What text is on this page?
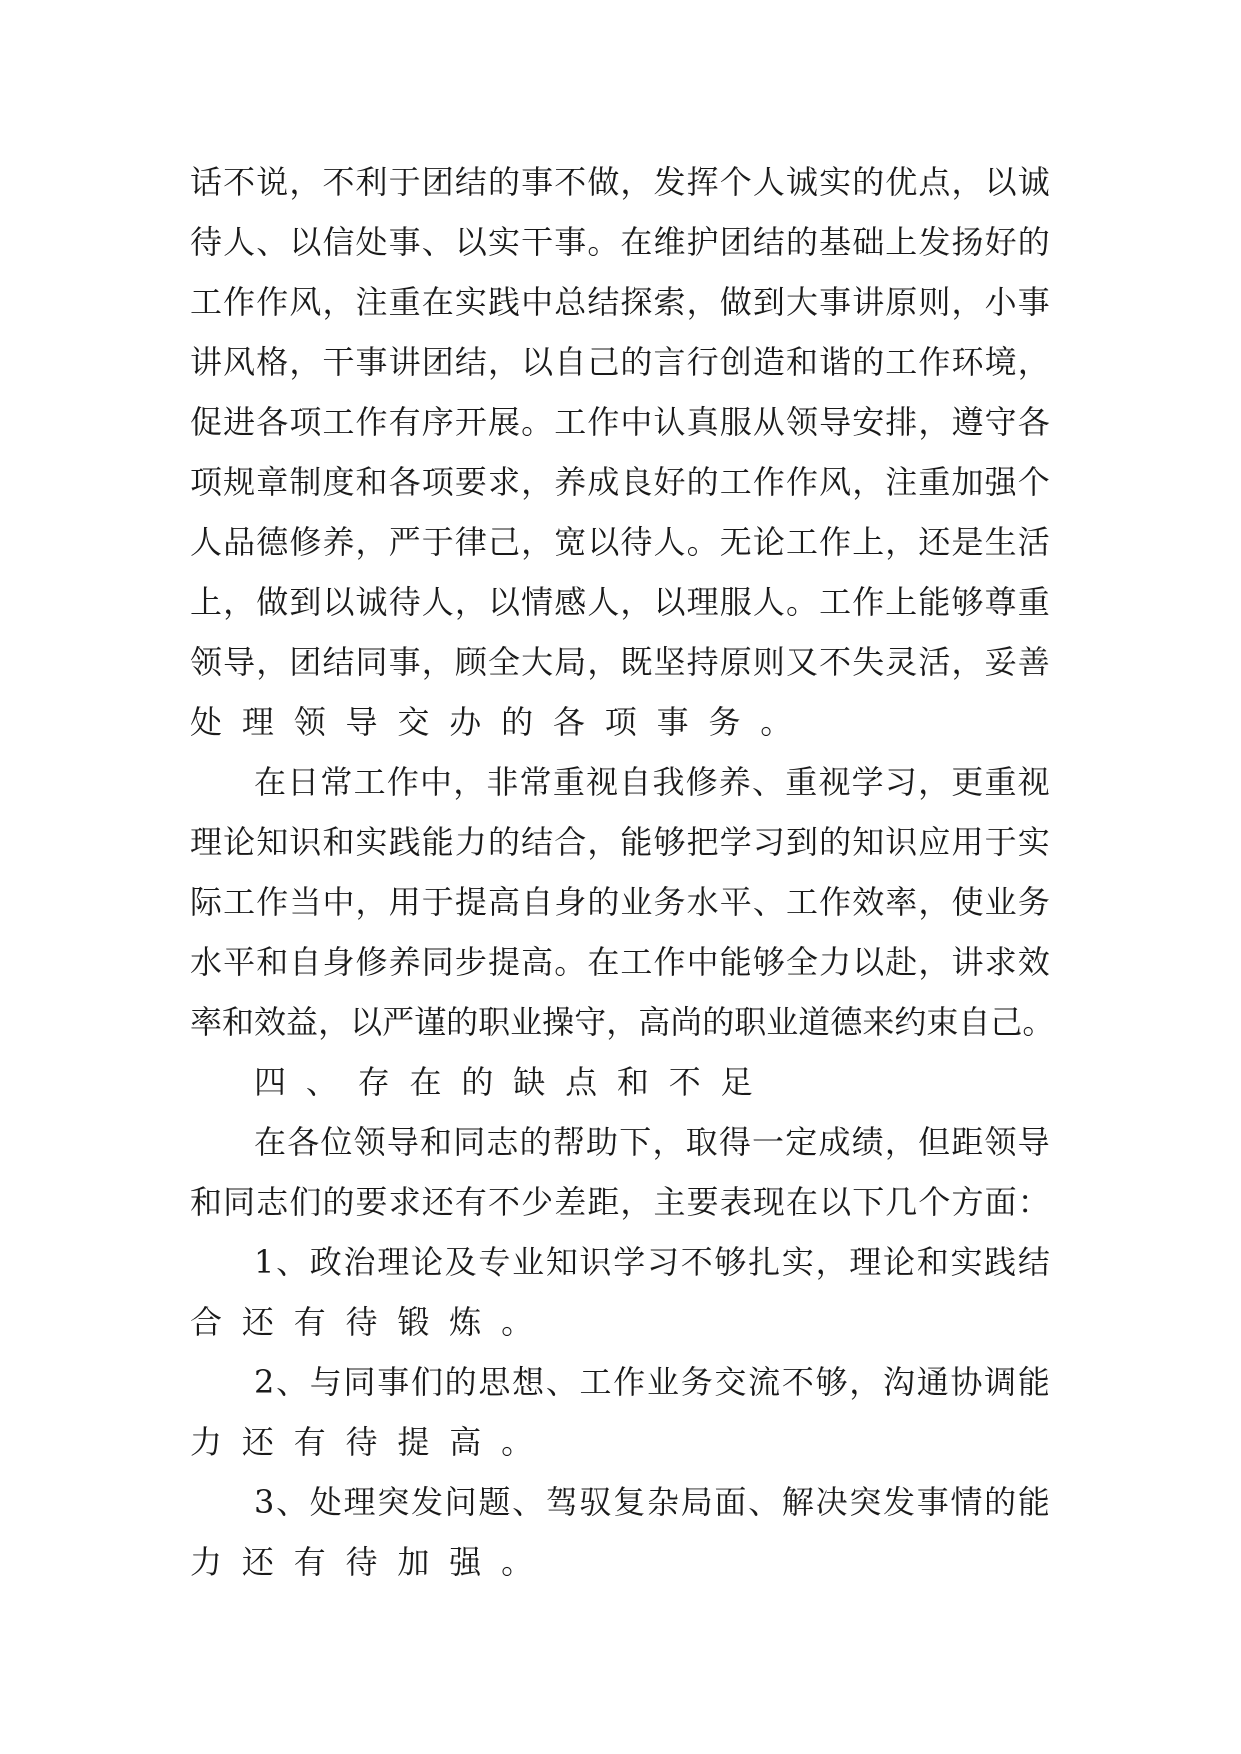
话 不 说 ， 不 利 于 团 结 的 事 不 做 ， 发 挥 个 人 诚 实 的 优 点 ， 以 诚
待 人 、 以 信 处 事 、 以 实 干 事 。 在 维 护 团 结 的 基 础 上 发 扬 好 的
工 作 作 风 ， 注 重 在 实 践 中 总 结 探 索 ， 做 到 大 事 讲 原 则 ， 小 事
讲 风 格 ， 干 事 讲 团 结 ， 以 自 己 的 言 行 创 造 和 谐 的 工 作 环 境 ，
促 进 各 项 工 作 有 序 开 展 。 工 作 中 认 真 服 从 领 导 安 排 ， 遵 守 各
项 规 章 制 度 和 各 项 要 求 ， 养 成 良 好 的 工 作 作 风 ， 注 重 加 强 个
人 品 德 修 养 ， 严 于 律 己 ， 宽 以 待 人 。 无 论 工 作 上 ， 还 是 生 活
上 ， 做 到 以 诚 待 人 ， 以 情 感 人 ， 以 理 服 人 。 工 作 上 能 够 尊 重
领 导 ， 团 结 同 事 ， 顾 全 大 局 ， 既 坚 持 原 则 又 不 失 灵 活 ， 妥 善
处 理 领 导 交 办 的 各 项 事 务 。
在 日 常 工 作 中 ， 非 常 重 视 自 我 修 养 、 重 视 学 习 ， 更 重 视
理 论 知 识 和 实 践 能 力 的 结 合 ， 能 够 把 学 习 到 的 知 识 应 用 于 实
际 工 作 当 中 ， 用 于 提 高 自 身 的 业 务 水 平 、 工 作 效 率 ， 使 业 务
水 平 和 自 身 修 养 同 步 提 高 。 在 工 作 中 能 够 全 力 以 赴 ， 讲 求 效
率 和 效 益 ， 以 严 谨 的 职 业 操 守 ， 高 尚 的 职 业 道 德 来 约 束 自 己 。
四 、 存 在 的 缺 点 和 不 足
在 各 位 领 导 和 同 志 的 帮 助 下 ， 取 得 一 定 成 绩 ， 但 距 领 导
和 同 志 们 的 要 求 还 有 不 少 差 距 ， 主 要 表 现 在 以 下 几 个 方 面 ：
1 、 政 治 理 论 及 专 业 知 识 学 习 不 够 扎 实 ， 理 论 和 实 践 结
合 还 有 待 锻 炼 。
2 、 与 同 事 们 的 思 想 、 工 作 业 务 交 流 不 够 ， 沟 通 协 调 能
力 还 有 待 提 高 。
3 、 处 理 突 发 问 题 、 驾 驭 复 杂 局 面 、 解 决 突 发 事 情 的 能
力 还 有 待 加 强 。
